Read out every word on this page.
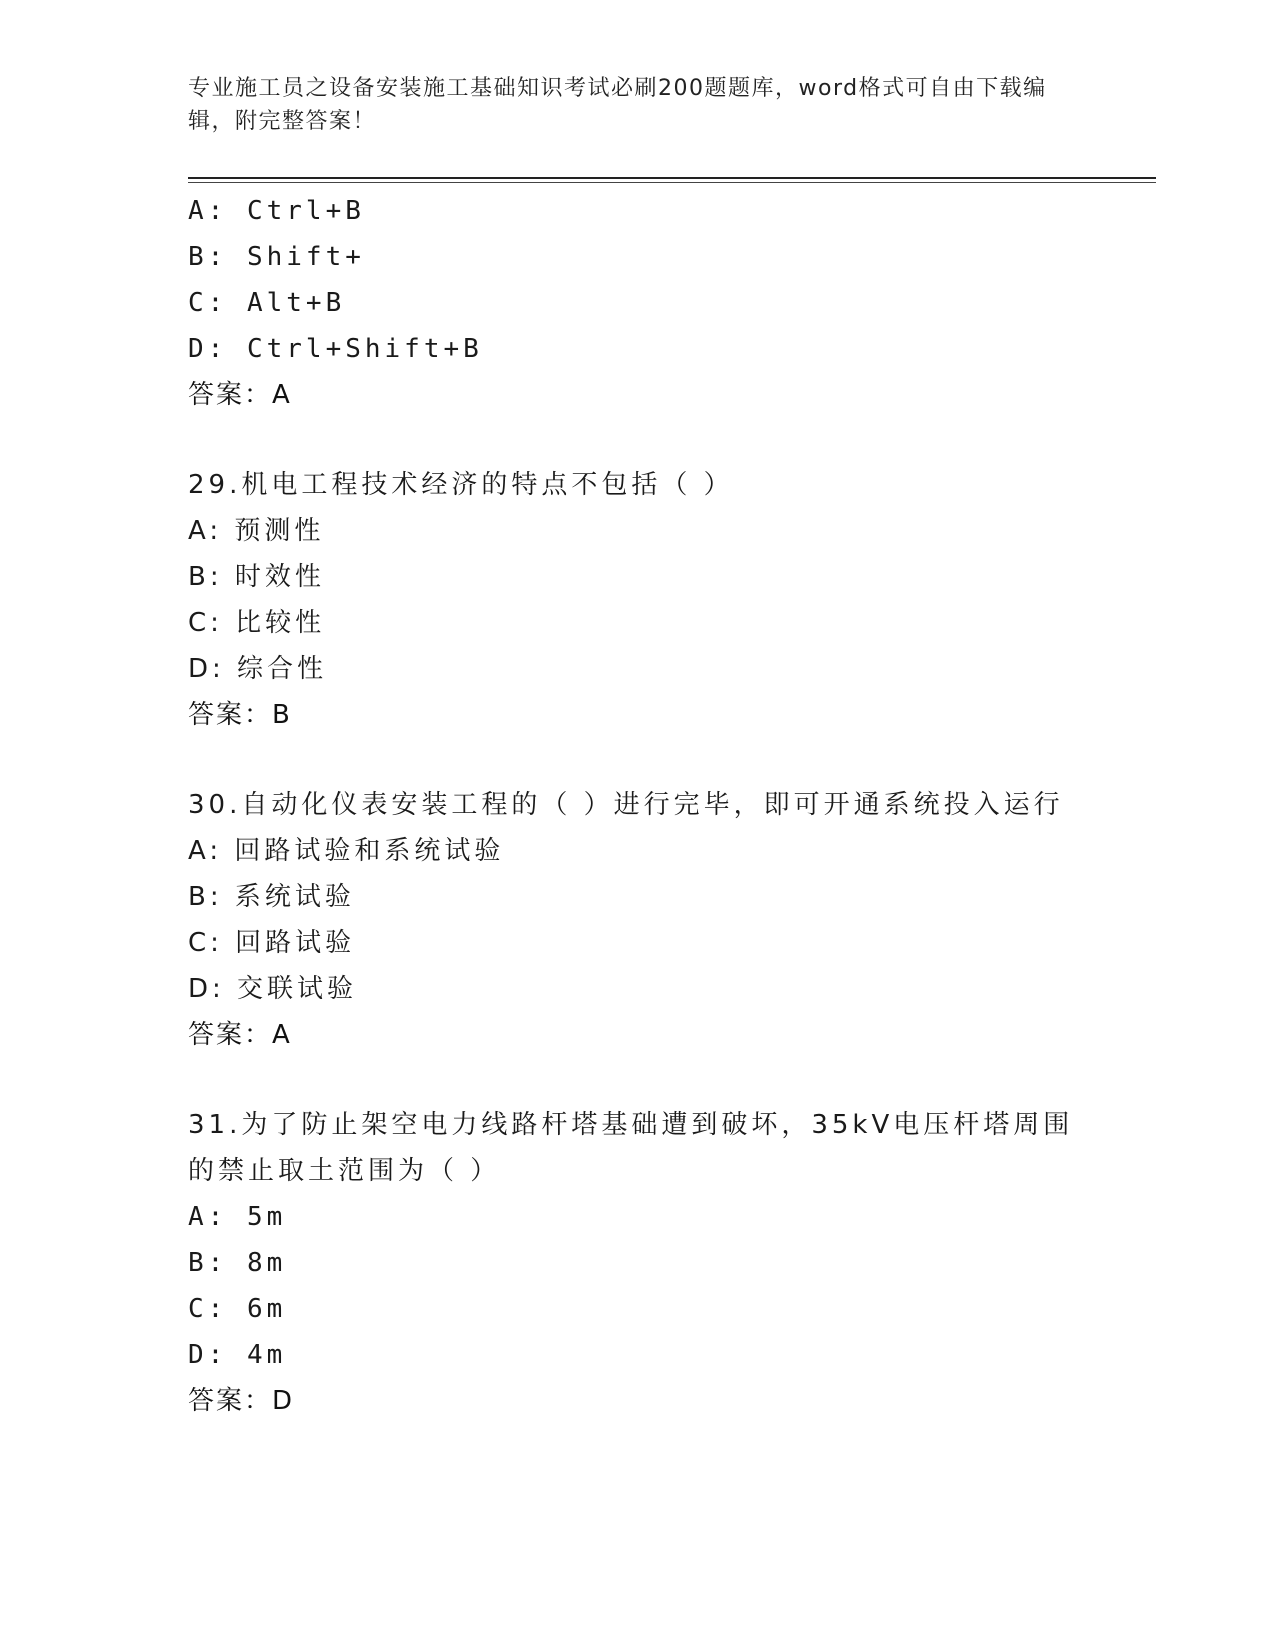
专业施工员之设备安装施工基础知识考试必刷200题题库，word格式可自由下载编辑，附完整答案！
A: Ctrl+B
B: Shift+
C: Alt+B
D: Ctrl+Shift+B
答案：A
29.机电工程技术经济的特点不包括（ ）
A: 预测性
B: 时效性
C: 比较性
D: 综合性
答案：B
30.自动化仪表安装工程的（ ）进行完毕，即可开通系统投入运行
A: 回路试验和系统试验
B: 系统试验
C: 回路试验
D: 交联试验
答案：A
31.为了防止架空电力线路杆塔基础遭到破坏，35kV电压杆塔周围的禁止取土范围为（ ）
A: 5m
B: 8m
C: 6m
D: 4m
答案：D
